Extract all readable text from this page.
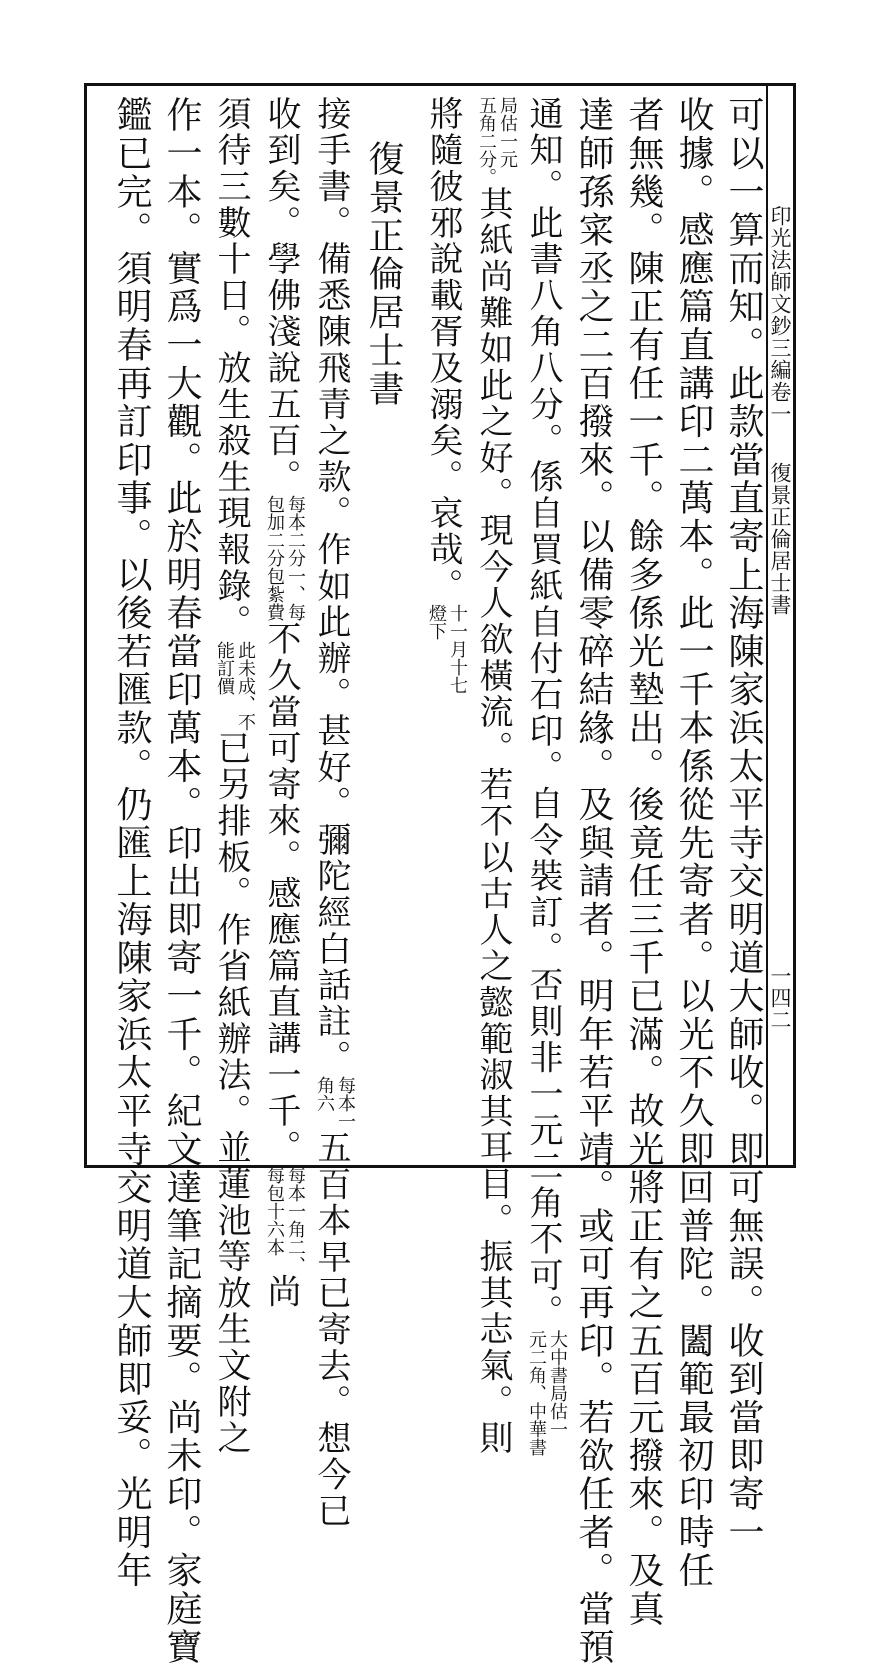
印光法師文鈔三編卷一
復景正倫居士書
一四二
可以一算而知。此款當直寄上海陳家浜太平寺交明道大師收。即可無誤。收到當即寄一
收據。感應篇直講印二萬本。此一千本係從先寄者。以光不久即回普陀。闔範最初印時任
者無幾。陳正有任一千。餘多係光墊出。後竟任三千已滿。故光將正有之五百元撥來。及真
達師孫寀丞之二百撥來。以備零碎結緣。及與請者。明年若平靖。或可再印。若欲任者。當預
通知。此書八角八分。係自買紙自付石印。自令裝訂。否則非一元二角不可。
大中書局估一
元二角、中華書
局估一元
五角二分。
其紙尚難如此之好。現今人欲橫流。若不以古人之懿範淑其耳目。振其志氣。則
將隨彼邪說載胥及溺矣。哀哉。
十一月十七
燈下
復景正倫居士書
接手書。備悉陳飛青之款。作如此辦。甚好。彌陀經白話註。
每本一
角六
五百本早已寄去。想今已
收到矣。學佛淺說五百。
每本二分一、每
包加二分包紮費
不久當可寄來。感應篇直講一千。
每本一角二、
每包十六本
尚
須待三數十日。放生殺生現報錄。
此未成、不
能訂價
已另排板。作省紙辦法。並蓮池等放生文附之
作一本。實爲一大觀。此於明春當印萬本。印出即寄一千。紀文達筆記摘要。尚未印。家庭寶
鑑已完。須明春再訂印事。以後若匯款。仍匯上海陳家浜太平寺交明道大師即妥。光明年
